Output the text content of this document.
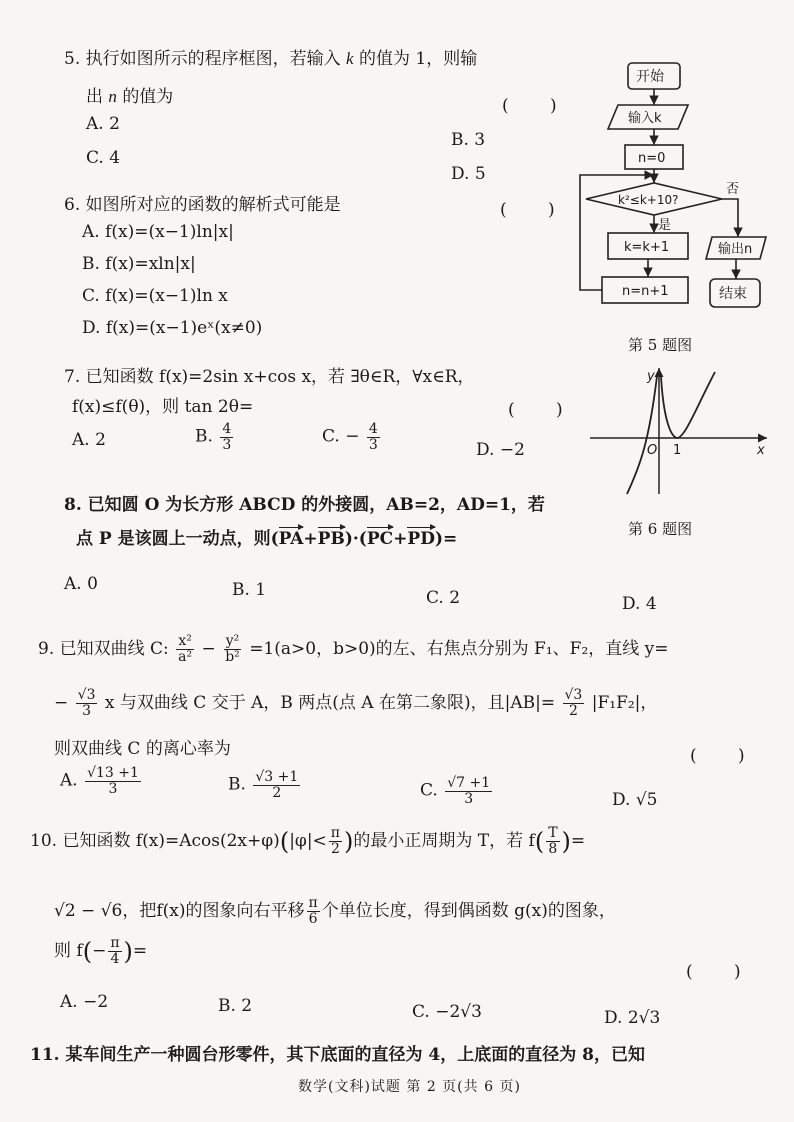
5. 执行如图所示的程序框图，若输入 k 的值为 1，则输
出 n 的值为	( )
A. 2
B. 3
C. 4
D. 5
开始
输入k
n=0
k²≤k+10?
否
是
k=k+1
n=n+1
输出n
结束
第 5 题图
6. 如图所对应的函数的解析式可能是	( )
A. f(x)=(x−1)ln|x|
B. f(x)=xln|x|
C. f(x)=(x−1)ln x
D. f(x)=(x−1)eˣ(x≠0)
y
x
O 1
第 6 题图
7. 已知函数 f(x)=2sin x+cos x，若 ∃θ∈R，∀x∈R，
f(x)≤f(θ)，则 tan 2θ=	( )
A. 2	B. $\frac{4}{3}$	C. − $\frac{4}{3}$	D. −2
8. 已知圆 O 为长方形 ABCD 的外接圆，AB=2，AD=1，若
点 P 是该圆上一动点，则(PA+PB)·(PC+PD)=
A. 0	B. 1	C. 2	D. 4
9. 已知双曲线 C: $\frac{\text{x²}}{\text{a²}} - \frac{\text{y²}}{\text{b²}} =1(a>0$，b>0)的左、右焦点分别为 F₁、F₂，直线 y=
− $\frac{√3}{3}$ x 与双曲线 C 交于 A，B 两点(点 A 在第二象限)，且$|AB|= \frac{√3}{2} |F_1F_2|$，
则双曲线 C 的离心率为	( )
A. $\frac{√13 +1}{3}$	B. $\frac{√3 +1}{2}$	C. $\frac{√7 +1}{3}$	D. √5
10. 已知函数 $f(x)=Acos(2x+\varphi)(|\varphi|< \frac{\pi}{2}$ )的最小正周期为 T，若 $f( \frac{T}{8}$ )=
√2 − √6，把f(x)的图象向右平移 $\frac{\pi}{6}$ 个单位长度，得到偶函数 g(x)的图象，
则 $f(- \frac{\pi}{4}$ )=
( )
A. −2	B. 2	C. −2√3	D. 2√3
11. 某车间生产一种圆台形零件，其下底面的直径为 4，上底面的直径为 8，已知
数学(文科)试题 第 2 页(共 6 页)
